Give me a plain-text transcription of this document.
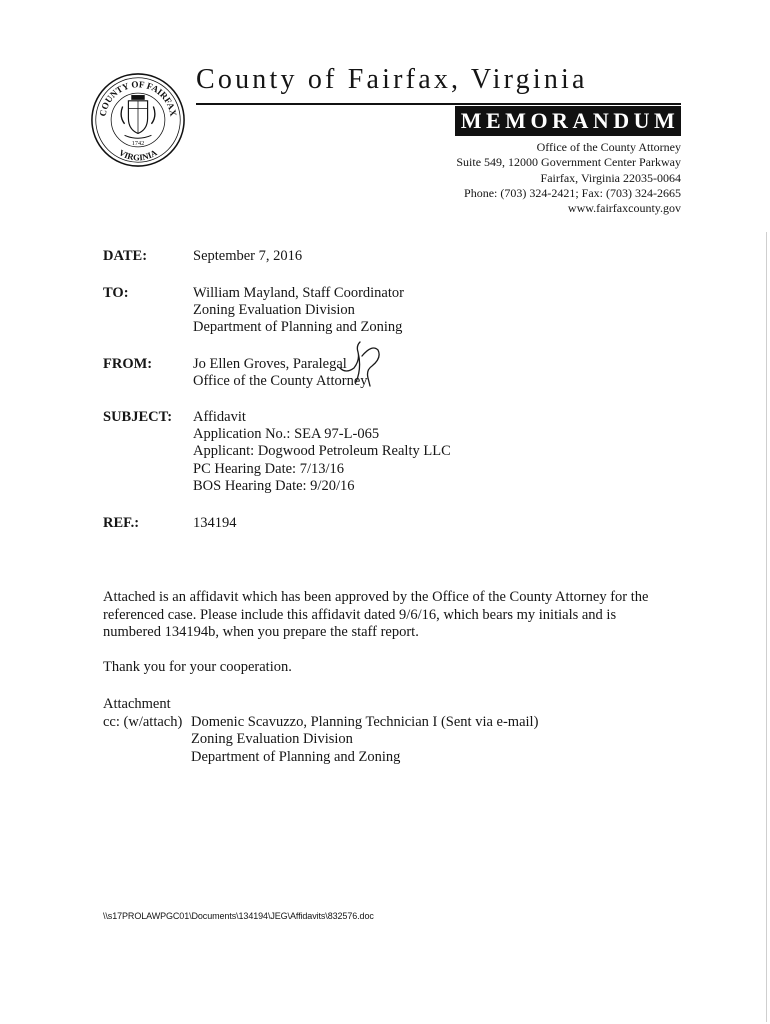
COUNTY OF FAIRFAX
VIRGINIA
1742
County of Fairfax, Virginia
MEMORANDUM
Office of the County Attorney
Suite 549, 12000 Government Center Parkway
Fairfax, Virginia 22035-0064
Phone: (703) 324-2421; Fax: (703) 324-2665
www.fairfaxcounty.gov
DATE:	September 7, 2016
TO:	William Mayland, Staff Coordinator
Zoning Evaluation Division
Department of Planning and Zoning
FROM:	Jo Ellen Groves, Paralegal
Office of the County Attorney
SUBJECT: Affidavit
Application No.: SEA 97-L-065
Applicant: Dogwood Petroleum Realty LLC
PC Hearing Date: 7/13/16
BOS Hearing Date: 9/20/16
REF.:	134194
Attached is an affidavit which has been approved by the Office of the County Attorney for the
referenced case. Please include this affidavit dated 9/6/16, which bears my initials and is
numbered 134194b, when you prepare the staff report.
Thank you for your cooperation.
Attachment
cc: (w/attach) Domenic Scavuzzo, Planning Technician I (Sent via e-mail)
Zoning Evaluation Division
Department of Planning and Zoning
\\s17PROLAWPGC01\Documents\134194\JEG\Affidavits\832576.doc
